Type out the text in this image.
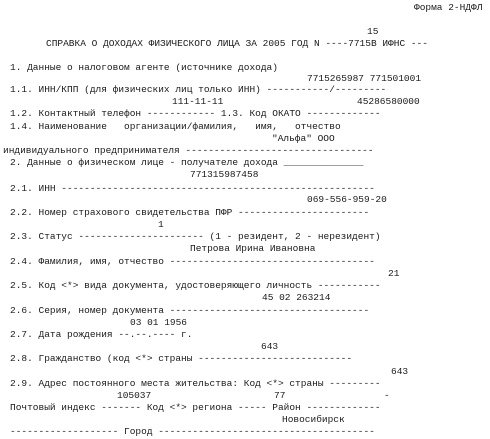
Форма 2-НДФЛ
15
СПРАВКА О ДОХОДАХ ФИЗИЧЕСКОГО ЛИЦА ЗА 2005 ГОД N ----7715В ИФНС ---
1. Данные о налоговом агенте (источнике дохода)
7715265987 771501001
1.1. ИНН/КПП (для физических лиц только ИНН) -----------/---------
111-11-11	45286580000
1.2. Контактный телефон ------------ 1.3. Код ОКАТО -------------
1.4. Наименование   организации/фамилия,   имя,   отчество
"Альфа" ООО
индивидуального предпринимателя ---------------------------------
2. Данные о физическом лице - получателе дохода ______________
771315987458
2.1. ИНН -------------------------------------------------------
069-556-959-20
2.2. Номер страхового свидетельства ПФР -----------------------
1
2.3. Статус ---------------------- (1 - резидент, 2 - нерезидент)
Петрова Ирина Ивановна
2.4. Фамилия, имя, отчество ------------------------------------
21
2.5. Код <*> вида документа, удостоверяющего личность -----------
45 02 263214
2.6. Серия, номер документа -----------------------------------
03 01 1956
2.7. Дата рождения --.--.---- г.
643
2.8. Гражданство (код <*> страны ---------------------------
643
2.9. Адрес постоянного места жительства: Код <*> страны ---------
105037	77	-
Почтовый индекс ------- Код <*> региона ----- Район -------------
Новосибирск
------------------- Город --------------------------------------
